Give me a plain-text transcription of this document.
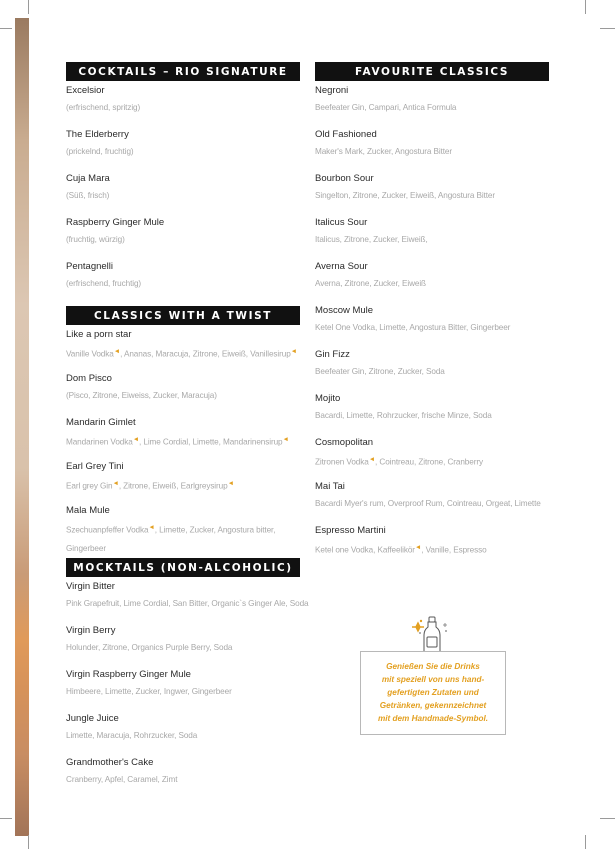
COCKTAILS – RIO SIGNATURE
Excelsior
(erfrischend, spritzig)
The Elderberry
(prickelnd, fruchtig)
Cuja Mara
(Süß, frisch)
Raspberry Ginger Mule
(fruchtig, würzig)
Pentagnelli
(erfrischend, fruchtig)
CLASSICS WITH A TWIST
Like a porn star
Vanille Vodka◄, Ananas, Maracuja, Zitrone, Eiweiß, Vanillesirup◄
Dom Pisco
(Pisco, Zitrone, Eiweiss, Zucker, Maracuja)
Mandarin Gimlet
Mandarinen Vodka◄, Lime Cordial, Limette, Mandarinensirup◄
Earl Grey Tini
Earl grey Gin◄, Zitrone, Eiweiß, Earlgreysirup◄
Mala Mule
Szechuanpfeffer Vodka◄, Limette, Zucker, Angostura bitter, Gingerbeer
MOCKTAILS (NON-ALCOHOLIC)
Virgin Bitter
Pink Grapefruit, Lime Cordial, San Bitter, Organic`s Ginger Ale, Soda
Virgin Berry
Holunder, Zitrone, Organics Purple Berry, Soda
Virgin Raspberry Ginger Mule
Himbeere, Limette, Zucker, Ingwer, Gingerbeer
Jungle Juice
Limette, Maracuja, Rohrzucker, Soda
Grandmother's Cake
Cranberry, Apfel, Caramel, Zimt
FAVOURITE CLASSICS
Negroni
Beefeater Gin, Campari, Antica Formula
Old Fashioned
Maker's Mark, Zucker, Angostura Bitter
Bourbon Sour
Singelton, Zitrone, Zucker, Eiweiß, Angostura Bitter
Italicus Sour
Italicus, Zitrone, Zucker, Eiweiß,
Averna Sour
Averna, Zitrone, Zucker, Eiweiß
Moscow Mule
Ketel One Vodka, Limette, Angostura Bitter, Gingerbeer
Gin Fizz
Beefeater Gin, Zitrone, Zucker, Soda
Mojito
Bacardi, Limette, Rohrzucker, frische Minze, Soda
Cosmopolitan
Zitronen Vodka◄, Cointreau, Zitrone, Cranberry
Mai Tai
Bacardi Myer's rum, Overproof Rum, Cointreau, Orgeat, Limette
Espresso Martini
Ketel one Vodka, Kaffeelikör◄, Vanille, Espresso
Genießen Sie die Drinks
mit speziell von uns hand-
gefertigten Zutaten und
Getränken, gekennzeichnet
mit dem Handmade-Symbol.
